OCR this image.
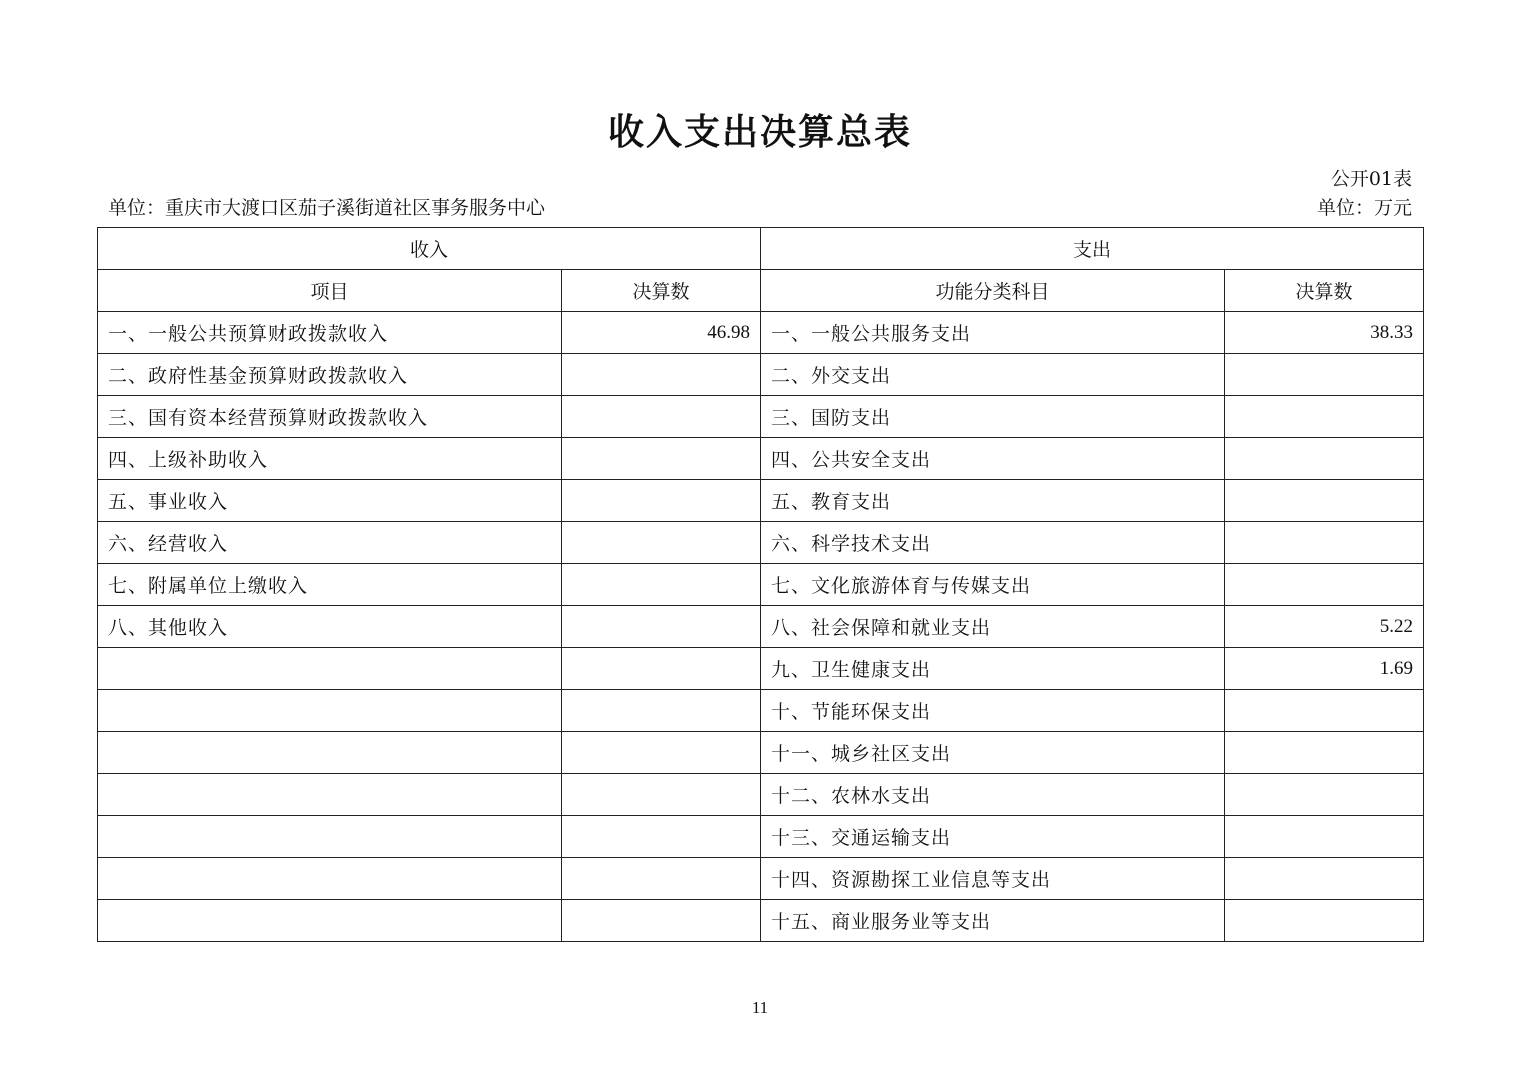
收入支出决算总表
公开01表
单位：重庆市大渡口区茄子溪街道社区事务服务中心	单位：万元
收入		支出	
项目	决算数	功能分类科目	决算数
一、一般公共预算财政拨款收入	46.98	一、一般公共服务支出	38.33
二、政府性基金预算财政拨款收入		二、外交支出	
三、国有资本经营预算财政拨款收入		三、国防支出	
四、上级补助收入		四、公共安全支出	
五、事业收入		五、教育支出	
六、经营收入		六、科学技术支出	
七、附属单位上缴收入		七、文化旅游体育与传媒支出	
八、其他收入		八、社会保障和就业支出	5.22
		九、卫生健康支出	1.69
		十、节能环保支出	
		十一、城乡社区支出	
		十二、农林水支出	
		十三、交通运输支出	
		十四、资源勘探工业信息等支出	
		十五、商业服务业等支出	
11
